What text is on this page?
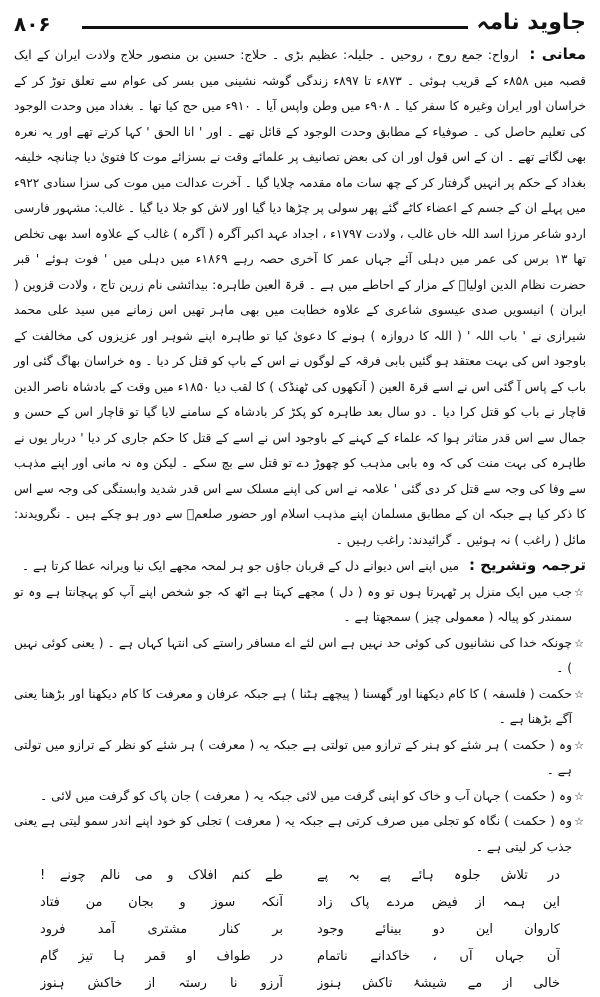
۸۰۶	جاوید نامہ

معانی : ارواح: جمع روح ، روحیں ۔ جلیلہ: عظیم بڑی ۔ حلاج: حسین بن منصور حلاج ولادت ایران کے ایک قصبہ میں ۸۵۸ء کے قریب ہوئی ۔ ۸۷۳ء تا ۸۹۷ء زندگی گوشہ نشینی میں بسر کی عوام سے تعلق توڑ کر کے خراسان اور ایران وغیرہ کا سفر کیا ۔ ۹۰۸ء میں وطن واپس آیا ۔ ۹۱۰ء میں حج کیا تھا ۔ بغداد میں وحدت الوجود کی تعلیم حاصل کی ۔ صوفیاء کے مطابق وحدت الوجود کے قائل تھے ۔ اور ' انا الحق ' کہا کرتے تھے اور یہ نعرہ بھی لگاتے تھے ۔ ان کے اس قول اور ان کی بعض تصانیف پر علمائے وقت نے بسزائے موت کا فتویٰ دیا چنانچہ خلیفہ بغداد کے حکم پر انہیں گرفتار کر کے چھ سات ماہ مقدمہ چلایا گیا ۔ آخرت عدالت میں موت کی سزا سنادی ۹۲۲ء میں پہلے ان کے جسم کے اعضاء کاٹے گئے پھر سولی پر چڑھا دیا گیا اور لاش کو جلا دیا گیا ۔ غالب: مشہور فارسی اردو شاعر مرزا اسد اللہ خاں غالب ، ولادت ۱۷۹۷ء ، اجداد عہد اکبر آگرہ ( آگرہ ) غالب کے علاوہ اسد بھی تخلص تھا ۱۳ برس کی عمر میں دہلی آئے جہاں عمر کا آخری حصہ رہے ۱۸۶۹ء میں دہلی میں ' فوت ہوئے ' قبر حضرت نظام الدین اولیاؒ کے مزار کے احاطے میں ہے ۔ قرۃ العین طاہرہ: بیدائشی نام زرین تاج ، ولادت قزوین ( ایران ) انیسویں صدی عیسوی شاعری کے علاوہ خطابت میں بھی ماہر تھیں اس زمانے میں سید علی محمد شیرازی نے ' باب اللہ ' ( اللہ کا دروازہ ) ہونے کا دعویٰ کیا تو طاہرہ اپنے شوہر اور عزیزوں کی مخالفت کے باوجود اس کی بہت معتقد ہو گئیں بابی فرقہ کے لوگوں نے اس کے باپ کو قتل کر دیا ۔ وہ خراسان بھاگ گئی اور باب کے پاس آ گئی اس نے اسے قرۃ العین ( آنکھوں کی ٹھنڈک ) کا لقب دیا ۱۸۵۰ء میں وقت کے بادشاہ ناصر الدین قاچار نے باب کو قتل کرا دیا ۔ دو سال بعد طاہرہ کو پکڑ کر بادشاہ کے سامنے لایا گیا تو قاچار اس کے حسن و جمال سے اس قدر متاثر ہوا کہ علماء کے کہنے کے باوجود اس نے اسے کے قتل کا حکم جاری کر دیا ' دربار یوں نے طاہرہ کی بہت منت کی کہ وہ بابی مذہب کو چھوڑ دے تو قتل سے بچ سکے ۔ لیکن وہ نہ مانی اور اپنے مذہب سے وفا کی وجہ سے قتل کر دی گئی ' علامہ نے اس کی اپنے مسلک سے اس قدر شدید وابستگی کی وجہ سے اس کا ذکر کیا ہے جبکہ ان کے مطابق مسلمان اپنے مذہب اسلام اور حضور صلعمؐ سے دور ہو چکے ہیں ۔ نگرویدند: مائل ( راغب ) نہ ہوئیں ۔ گرائیدند: راغب رہیں ۔

ترجمہ وتشریح : میں اپنے اس دیوانے دل کے قربان جاؤں جو ہر لمحہ مجھے ایک نیا ویرانہ عطا کرتا ہے ۔

☆
جب میں ایک منزل پر ٹھہرتا ہوں تو وہ ( دل ) مجھے کہتا ہے اٹھ کہ جو شخص اپنے آپ کو پہچانتا ہے وہ تو سمندر کو پیالہ ( معمولی چیز ) سمجھتا ہے ۔
☆
چونکہ خدا کی نشانیوں کی کوئی حد نہیں ہے اس لئے اے مسافر راستے کی انتہا کہاں ہے ۔ ( یعنی کوئی نہیں ) ۔
☆
حکمت ( فلسفہ ) کا کام دیکھنا اور گھسنا ( پیچھے ہٹنا ) ہے جبکہ عرفان و معرفت کا کام دیکھنا اور بڑھنا یعنی آگے بڑھنا ہے ۔
☆
وہ ( حکمت ) ہر شئے کو ہنر کے ترازو میں تولتی ہے جبکہ یہ ( معرفت ) ہر شئے کو نظر کے ترازو میں تولتی ہے ۔
☆
وہ ( حکمت ) جہان آب و خاک کو اپنی گرفت میں لائی جبکہ یہ ( معرفت ) جان پاک کو گرفت میں لائی ۔
☆
وہ ( حکمت ) نگاہ کو تجلی میں صرف کرتی ہے جبکہ یہ ( معرفت ) تجلی کو خود اپنے اندر سمو لیتی ہے یعنی جذب کر لیتی ہے ۔
در تلاش جلوہ ہائے پے بہ پے
طے کنم افلاک و می نالم چونے !
این ہمہ از فیض مردے پاک زاد
آنکہ سوز و بجان من فتاد
کاروان این دو بینائے وجود
بر کنار مشتری آمد فرود
آن جہاں آں ، خاکدانے ناتمام
در طواف او قمر ہا تیز گام
خالی از مے شیشۂ تاکش ہنوز
آرزو نا رستہ از خاکش ہنوز
